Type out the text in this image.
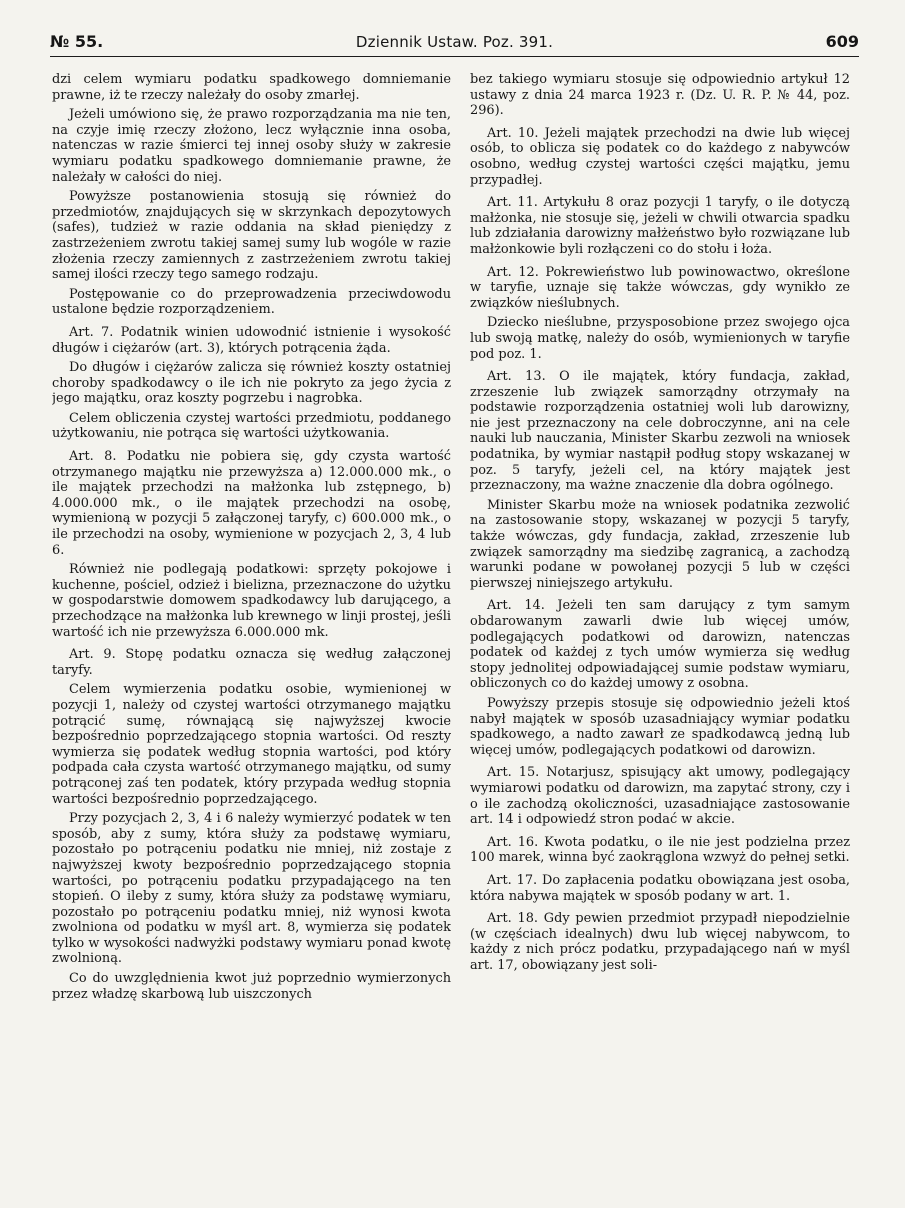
№ 55.	Dziennik Ustaw. Poz. 391.	609

dzi celem wymiaru podatku spadkowego domniemanie prawne, iż te rzeczy należały do osoby zmarłej.

Jeżeli umówiono się, że prawo rozporządzania ma nie ten, na czyje imię rzeczy złożono, lecz wyłącznie inna osoba, natenczas w razie śmierci tej innej osoby służy w zakresie wymiaru podatku spadkowego domniemanie prawne, że należały w całości do niej.

Powyższe postanowienia stosują się również do przedmiotów, znajdujących się w skrzynkach depozytowych (safes), tudzież w razie oddania na skład pieniędzy z zastrzeżeniem zwrotu takiej samej sumy lub wogóle w razie złożenia rzeczy zamiennych z zastrzeżeniem zwrotu takiej samej ilości rzeczy tego samego rodzaju.

Postępowanie co do przeprowadzenia przeciwdowodu ustalone będzie rozporządzeniem.

Art. 7. Podatnik winien udowodnić istnienie i wysokość długów i ciężarów (art. 3), których potrącenia żąda.

Do długów i ciężarów zalicza się również koszty ostatniej choroby spadkodawcy o ile ich nie pokryto za jego życia z jego majątku, oraz koszty pogrzebu i nagrobka.

Celem obliczenia czystej wartości przedmiotu, poddanego użytkowaniu, nie potrąca się wartości użytkowania.

Art. 8. Podatku nie pobiera się, gdy czysta wartość otrzymanego majątku nie przewyższa a) 12.000.000 mk., o ile majątek przechodzi na małżonka lub zstępnego, b) 4.000.000 mk., o ile majątek przechodzi na osobę, wymienioną w pozycji 5 załączonej taryfy, c) 600.000 mk., o ile przechodzi na osoby, wymienione w pozycjach 2, 3, 4 lub 6.

Również nie podlegają podatkowi: sprzęty pokojowe i kuchenne, pościel, odzież i bielizna, przeznaczone do użytku w gospodarstwie domowem spadkodawcy lub darującego, a przechodzące na małżonka lub krewnego w linji prostej, jeśli wartość ich nie przewyższa 6.000.000 mk.

Art. 9. Stopę podatku oznacza się według załączonej taryfy.

Celem wymierzenia podatku osobie, wymienionej w pozycji 1, należy od czystej wartości otrzymanego majątku potrącić sumę, równającą się najwyższej kwocie bezpośrednio poprzedzającego stopnia wartości. Od reszty wymierza się podatek według stopnia wartości, pod który podpada cała czysta wartość otrzymanego majątku, od sumy potrąconej zaś ten podatek, który przypada według stopnia wartości bezpośrednio poprzedzającego.

Przy pozycjach 2, 3, 4 i 6 należy wymierzyć podatek w ten sposób, aby z sumy, która służy za podstawę wymiaru, pozostało po potrąceniu podatku nie mniej, niż zostaje z najwyższej kwoty bezpośrednio poprzedzającego stopnia wartości, po potrąceniu podatku przypadającego na ten stopień. O ileby z sumy, która służy za podstawę wymiaru, pozostało po potrąceniu podatku mniej, niż wynosi kwota zwolniona od podatku w myśl art. 8, wymierza się podatek tylko w wysokości nadwyżki podstawy wymiaru ponad kwotę zwolnioną.

Co do uwzględnienia kwot już poprzednio wymierzonych przez władzę skarbową lub uiszczonych

bez takiego wymiaru stosuje się odpowiednio artykuł 12 ustawy z dnia 24 marca 1923 r. (Dz. U. R. P. № 44, poz. 296).

Art. 10. Jeżeli majątek przechodzi na dwie lub więcej osób, to oblicza się podatek co do każdego z nabywców osobno, według czystej wartości części majątku, jemu przypadłej.

Art. 11. Artykułu 8 oraz pozycji 1 taryfy, o ile dotyczą małżonka, nie stosuje się, jeżeli w chwili otwarcia spadku lub zdziałania darowizny małżeństwo było rozwiązane lub małżonkowie byli rozłączeni co do stołu i łoża.

Art. 12. Pokrewieństwo lub powinowactwo, określone w taryfie, uznaje się także wówczas, gdy wynikło ze związków nieślubnych.

Dziecko nieślubne, przysposobione przez swojego ojca lub swoją matkę, należy do osób, wymienionych w taryfie pod poz. 1.

Art. 13. O ile majątek, który fundacja, zakład, zrzeszenie lub związek samorządny otrzymały na podstawie rozporządzenia ostatniej woli lub darowizny, nie jest przeznaczony na cele dobroczynne, ani na cele nauki lub nauczania, Minister Skarbu zezwoli na wniosek podatnika, by wymiar nastąpił podług stopy wskazanej w poz. 5 taryfy, jeżeli cel, na który majątek jest przeznaczony, ma ważne znaczenie dla dobra ogólnego.

Minister Skarbu może na wniosek podatnika zezwolić na zastosowanie stopy, wskazanej w pozycji 5 taryfy, także wówczas, gdy fundacja, zakład, zrzeszenie lub związek samorządny ma siedzibę zagranicą, a zachodzą warunki podane w powołanej pozycji 5 lub w części pierwszej niniejszego artykułu.

Art. 14. Jeżeli ten sam darujący z tym samym obdarowanym zawarli dwie lub więcej umów, podlegających podatkowi od darowizn, natenczas podatek od każdej z tych umów wymierza się według stopy jednolitej odpowiadającej sumie podstaw wymiaru, obliczonych co do każdej umowy z osobna.

Powyższy przepis stosuje się odpowiednio jeżeli ktoś nabył majątek w sposób uzasadniający wymiar podatku spadkowego, a nadto zawarł ze spadkodawcą jedną lub więcej umów, podlegających podatkowi od darowizn.

Art. 15. Notarjusz, spisujący akt umowy, podlegający wymiarowi podatku od darowizn, ma zapytać strony, czy i o ile zachodzą okoliczności, uzasadniające zastosowanie art. 14 i odpowiedź stron podać w akcie.

Art. 16. Kwota podatku, o ile nie jest podzielna przez 100 marek, winna być zaokrąglona wzwyż do pełnej setki.

Art. 17. Do zapłacenia podatku obowiązana jest osoba, która nabywa majątek w sposób podany w art. 1.

Art. 18. Gdy pewien przedmiot przypadł niepodzielnie (w częściach idealnych) dwu lub więcej nabywcom, to każdy z nich prócz podatku, przypadającego nań w myśl art. 17, obowiązany jest soli-
